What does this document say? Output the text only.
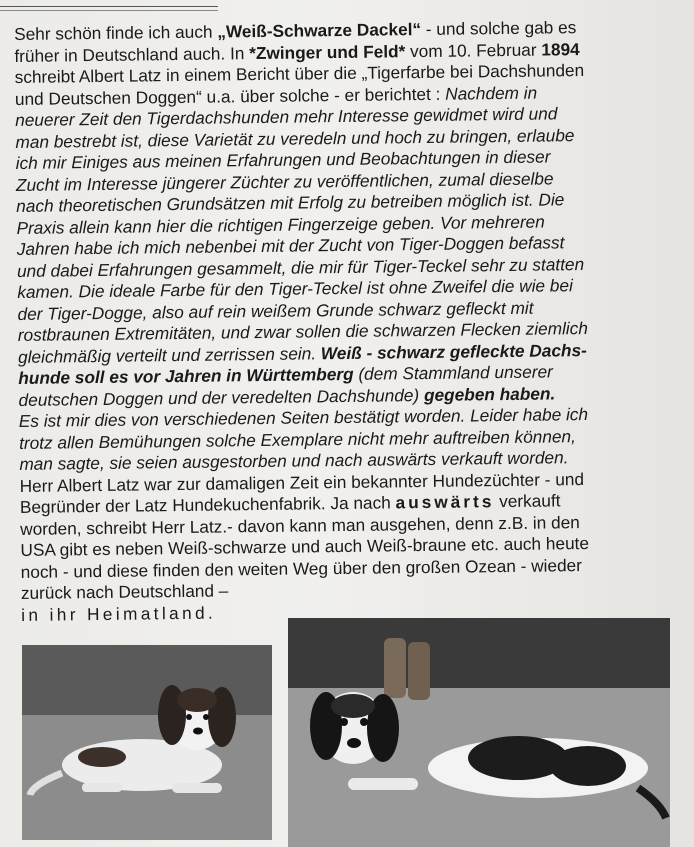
Sehr schön finde ich auch „Weiß-Schwarze Dackel“ - und solche gab es
früher in Deutschland auch. In *Zwinger und Feld* vom 10. Februar 1894
schreibt Albert Latz in einem Bericht über die „Tigerfarbe bei Dachshunden
und Deutschen Doggen“ u.a. über solche - er berichtet : Nachdem in
neuerer Zeit den Tigerdachshunden mehr Interesse gewidmet wird und
man bestrebt ist, diese Varietät zu veredeln und hoch zu bringen, erlaube
ich mir Einiges aus meinen Erfahrungen und Beobachtungen in dieser
Zucht im Interesse jüngerer Züchter zu veröffentlichen, zumal dieselbe
nach theoretischen Grundsätzen mit Erfolg zu betreiben möglich ist. Die
Praxis allein kann hier die richtigen Fingerzeige geben. Vor mehreren
Jahren habe ich mich nebenbei mit der Zucht von Tiger-Doggen befasst
und dabei Erfahrungen gesammelt, die mir für Tiger-Teckel sehr zu statten
kamen. Die ideale Farbe für den Tiger-Teckel ist ohne Zweifel die wie bei
der Tiger-Dogge, also auf rein weißem Grunde schwarz gefleckt mit
rostbraunen Extremitäten, und zwar sollen die schwarzen Flecken ziemlich
gleichmäßig verteilt und zerrissen sein. Weiß - schwarz gefleckte Dachs-
hunde soll es vor Jahren in Württemberg (dem Stammland unserer
deutschen Doggen und der veredelten Dachshunde) gegeben haben.
Es ist mir dies von verschiedenen Seiten bestätigt worden. Leider habe ich
trotz allen Bemühungen solche Exemplare nicht mehr auftreiben können,
man sagte, sie seien ausgestorben und nach auswärts verkauft worden.
Herr Albert Latz war zur damaligen Zeit ein bekannter Hundezüchter - und
Begründer der Latz Hundekuchenfabrik. Ja nach auswärts verkauft
worden, schreibt Herr Latz.- davon kann man ausgehen, denn z.B. in den
USA gibt es neben Weiß-schwarze und auch Weiß-braune etc. auch heute
noch - und diese finden den weiten Weg über den großen Ozean - wieder
zurück nach Deutschland –
in ihr Heimatland.
